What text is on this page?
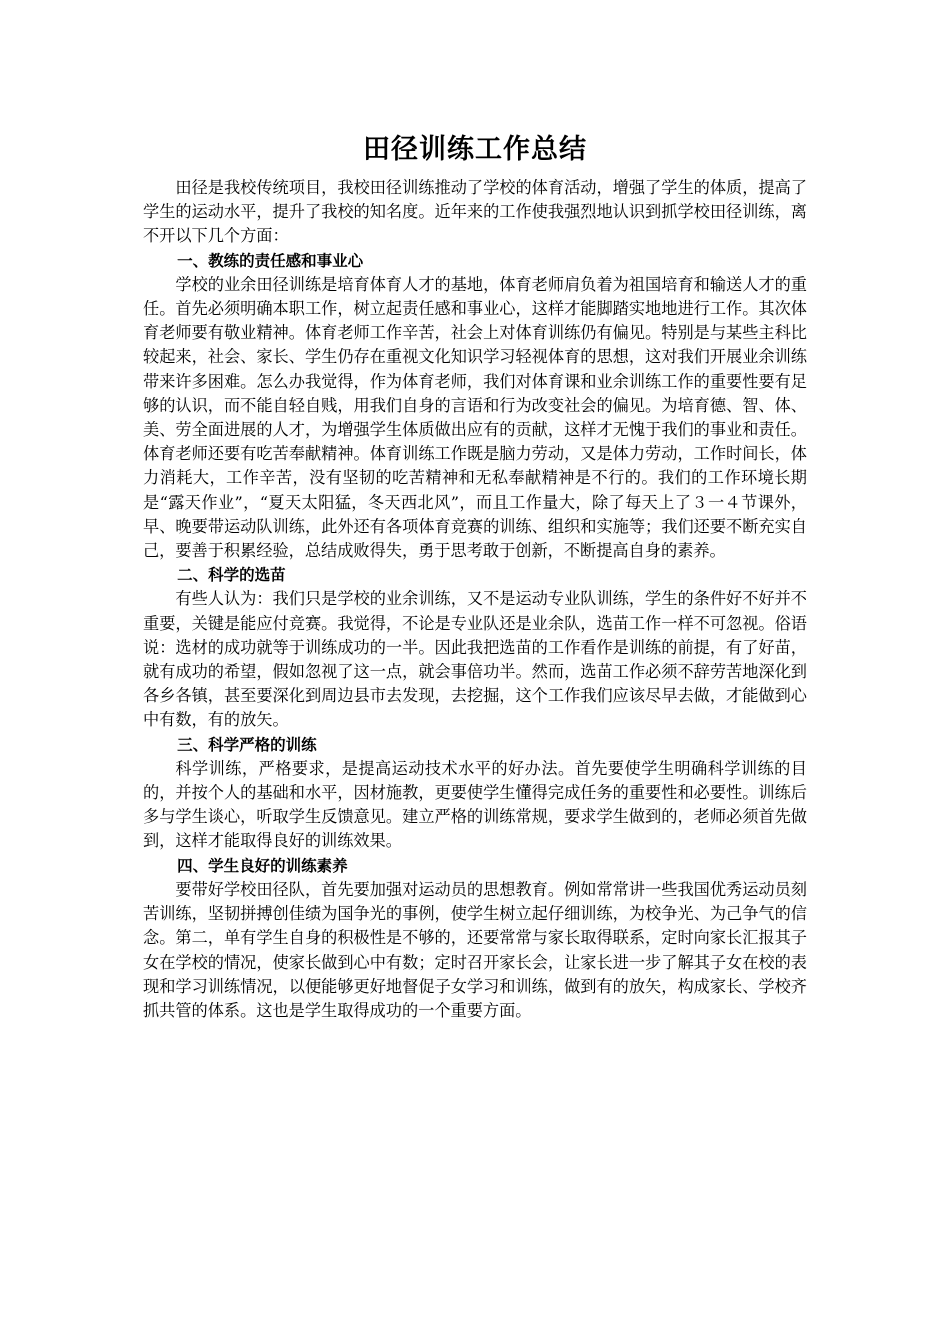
田径训练工作总结

田径是我校传统项目，我校田径训练推动了学校的体育活动，增强了学生的体质，提高了学生的运动水平，提升了我校的知名度。近年来的工作使我强烈地认识到抓学校田径训练，离不开以下几个方面：

一、教练的责任感和事业心

学校的业余田径训练是培育体育人才的基地，体育老师肩负着为祖国培育和输送人才的重任。首先必须明确本职工作，树立起责任感和事业心，这样才能脚踏实地地进行工作。其次体育老师要有敬业精神。体育老师工作辛苦，社会上对体育训练仍有偏见。特别是与某些主科比较起来，社会、家长、学生仍存在重视文化知识学习轻视体育的思想，这对我们开展业余训练带来许多困难。怎么办我觉得，作为体育老师，我们对体育课和业余训练工作的重要性要有足够的认识，而不能自轻自贱，用我们自身的言语和行为改变社会的偏见。为培育德、智、体、美、劳全面进展的人才，为增强学生体质做出应有的贡献，这样才无愧于我们的事业和责任。体育老师还要有吃苦奉献精神。体育训练工作既是脑力劳动，又是体力劳动，工作时间长，体力消耗大，工作辛苦，没有坚韧的吃苦精神和无私奉献精神是不行的。我们的工作环境长期是“露天作业”，“夏天太阳猛，冬天西北风”，而且工作量大，除了每天上了３一４节课外，早、晚要带运动队训练，此外还有各项体育竞赛的训练、组织和实施等；我们还要不断充实自己，要善于积累经验，总结成败得失，勇于思考敢于创新，不断提高自身的素养。

二、科学的选苗

有些人认为：我们只是学校的业余训练，又不是运动专业队训练，学生的条件好不好并不重要，关键是能应付竞赛。我觉得，不论是专业队还是业余队，选苗工作一样不可忽视。俗语说：选材的成功就等于训练成功的一半。因此我把选苗的工作看作是训练的前提，有了好苗，就有成功的希望，假如忽视了这一点，就会事倍功半。然而，选苗工作必须不辞劳苦地深化到各乡各镇，甚至要深化到周边县市去发现，去挖掘，这个工作我们应该尽早去做，才能做到心中有数，有的放矢。

三、科学严格的训练

科学训练，严格要求，是提高运动技术水平的好办法。首先要使学生明确科学训练的目的，并按个人的基础和水平，因材施教，更要使学生懂得完成任务的重要性和必要性。训练后多与学生谈心，听取学生反馈意见。建立严格的训练常规，要求学生做到的，老师必须首先做到，这样才能取得良好的训练效果。

四、学生良好的训练素养

要带好学校田径队，首先要加强对运动员的思想教育。例如常常讲一些我国优秀运动员刻苦训练，坚韧拼搏创佳绩为国争光的事例，使学生树立起仔细训练，为校争光、为己争气的信念。第二，单有学生自身的积极性是不够的，还要常常与家长取得联系，定时向家长汇报其子女在学校的情况，使家长做到心中有数；定时召开家长会，让家长进一步了解其子女在校的表现和学习训练情况，以便能够更好地督促子女学习和训练，做到有的放矢，构成家长、学校齐抓共管的体系。这也是学生取得成功的一个重要方面。
